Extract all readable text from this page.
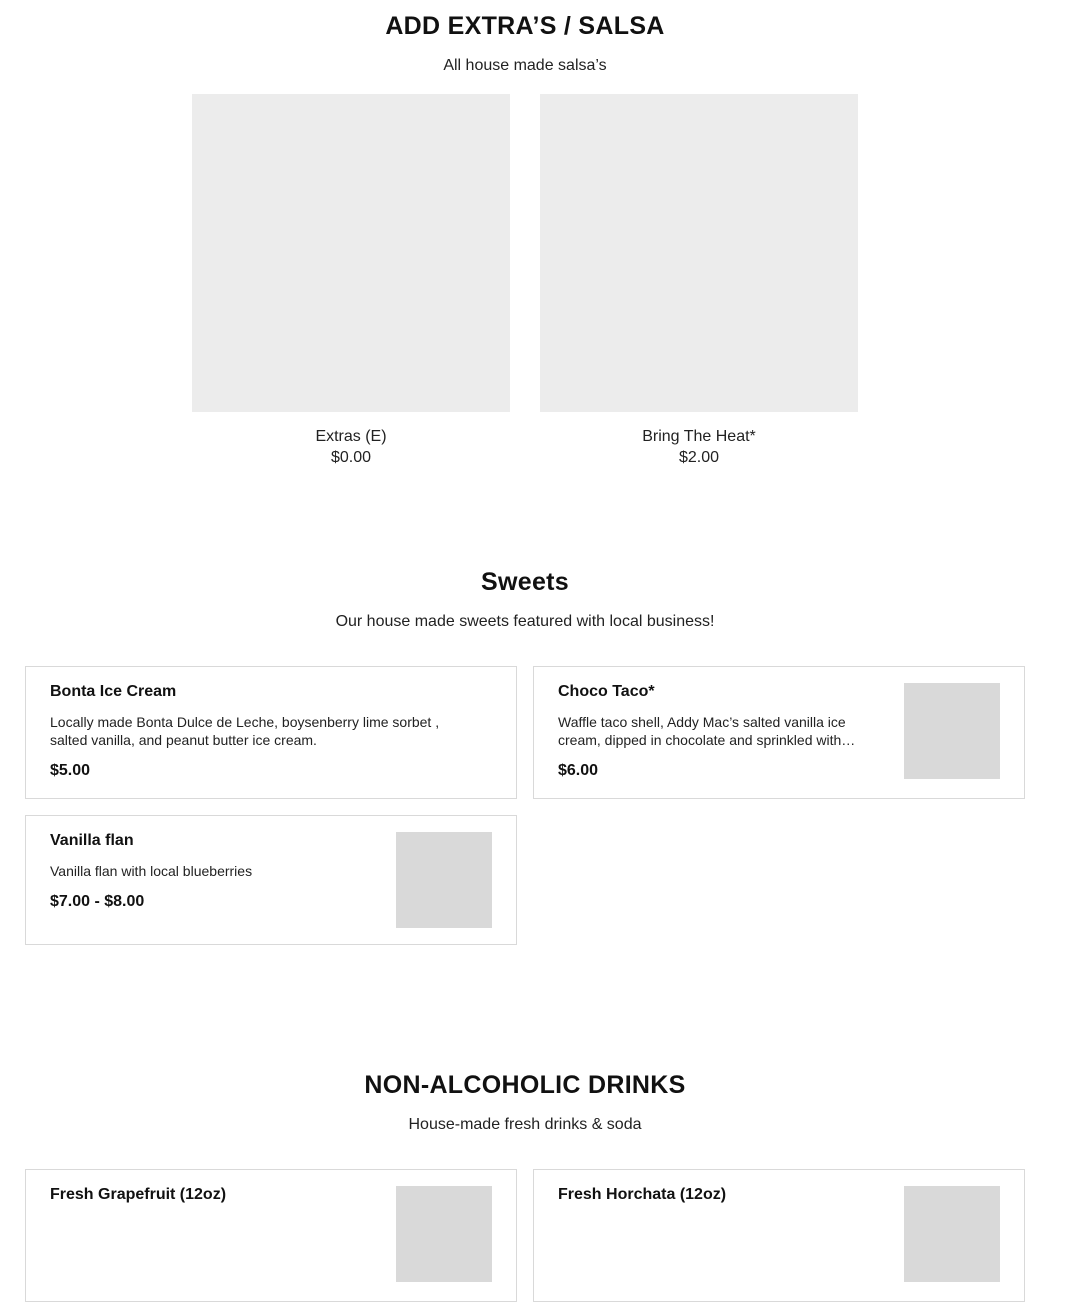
ADD EXTRA’S / SALSA

All house made salsa’s

Extras (E)
$0.00
Bring The Heat*
$2.00
Sweets

Our house made sweets featured with local business!

Bonta Ice Cream
Locally made Bonta Dulce de Leche, boysenberry lime sorbet , salted vanilla, and peanut butter ice cream.
$5.00
Choco Taco*
Waffle taco shell, Addy Mac’s salted vanilla ice cream, dipped in chocolate and sprinkled with…
$6.00
Vanilla flan
Vanilla flan with local blueberries
$7.00 - $8.00
NON-ALCOHOLIC DRINKS

House-made fresh drinks & soda

Fresh Grapefruit (12oz)	Fresh Horchata (12oz)
